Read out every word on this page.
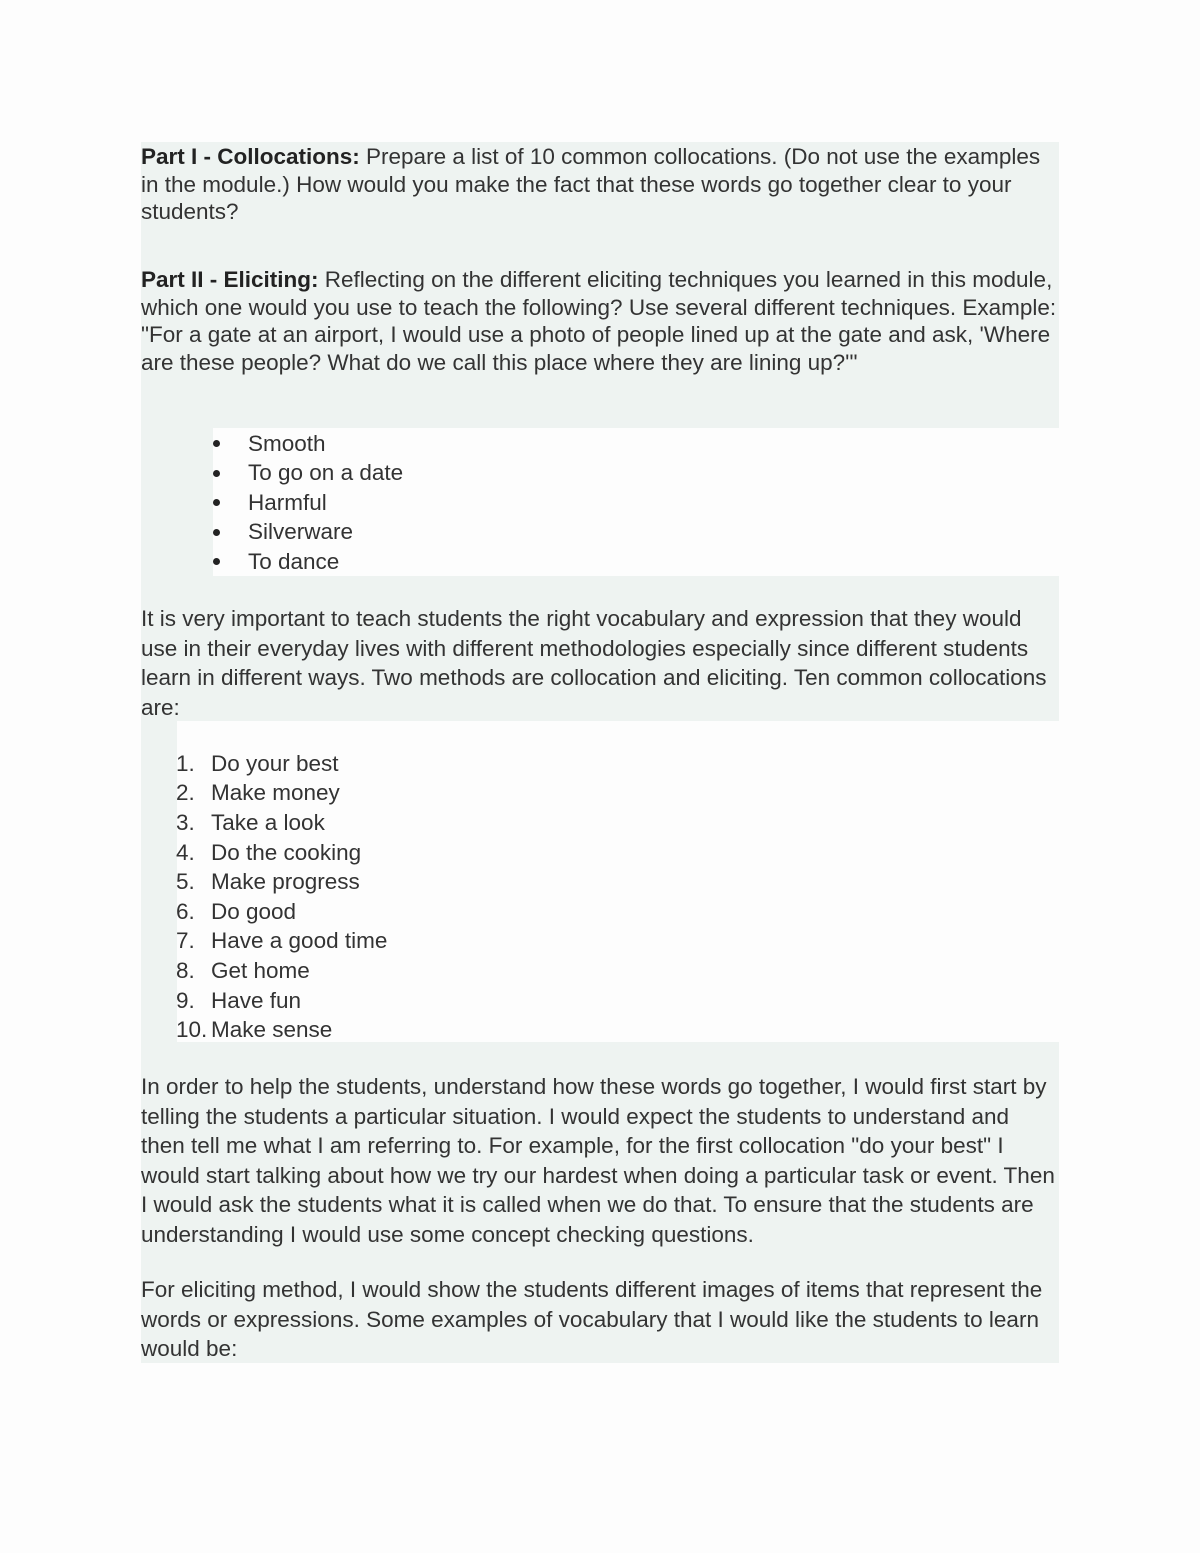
Part I - Collocations: Prepare a list of 10 common collocations. (Do not use the examples in the module.) How would you make the fact that these words go together clear to your students?

Part II - Eliciting: Reflecting on the different eliciting techniques you learned in this module, which one would you use to teach the following? Use several different techniques. Example: "For a gate at an airport, I would use a photo of people lined up at the gate and ask, 'Where are these people? What do we call this place where they are lining up?'"

Smooth
To go on a date
Harmful
Silverware
To dance

It is very important to teach students the right vocabulary and expression that they would use in their everyday lives with different methodologies especially since different students learn in different ways. Two methods are collocation and eliciting. Ten common collocations are:

1. Do your best
2. Make money
3. Take a look
4. Do the cooking
5. Make progress
6. Do good
7. Have a good time
8. Get home
9. Have fun
10. Make sense

In order to help the students, understand how these words go together, I would first start by telling the students a particular situation. I would expect the students to understand and then tell me what I am referring to. For example, for the first collocation "do your best" I would start talking about how we try our hardest when doing a particular task or event. Then I would ask the students what it is called when we do that. To ensure that the students are understanding I would use some concept checking questions.

For eliciting method, I would show the students different images of items that represent the words or expressions. Some examples of vocabulary that I would like the students to learn would be:
